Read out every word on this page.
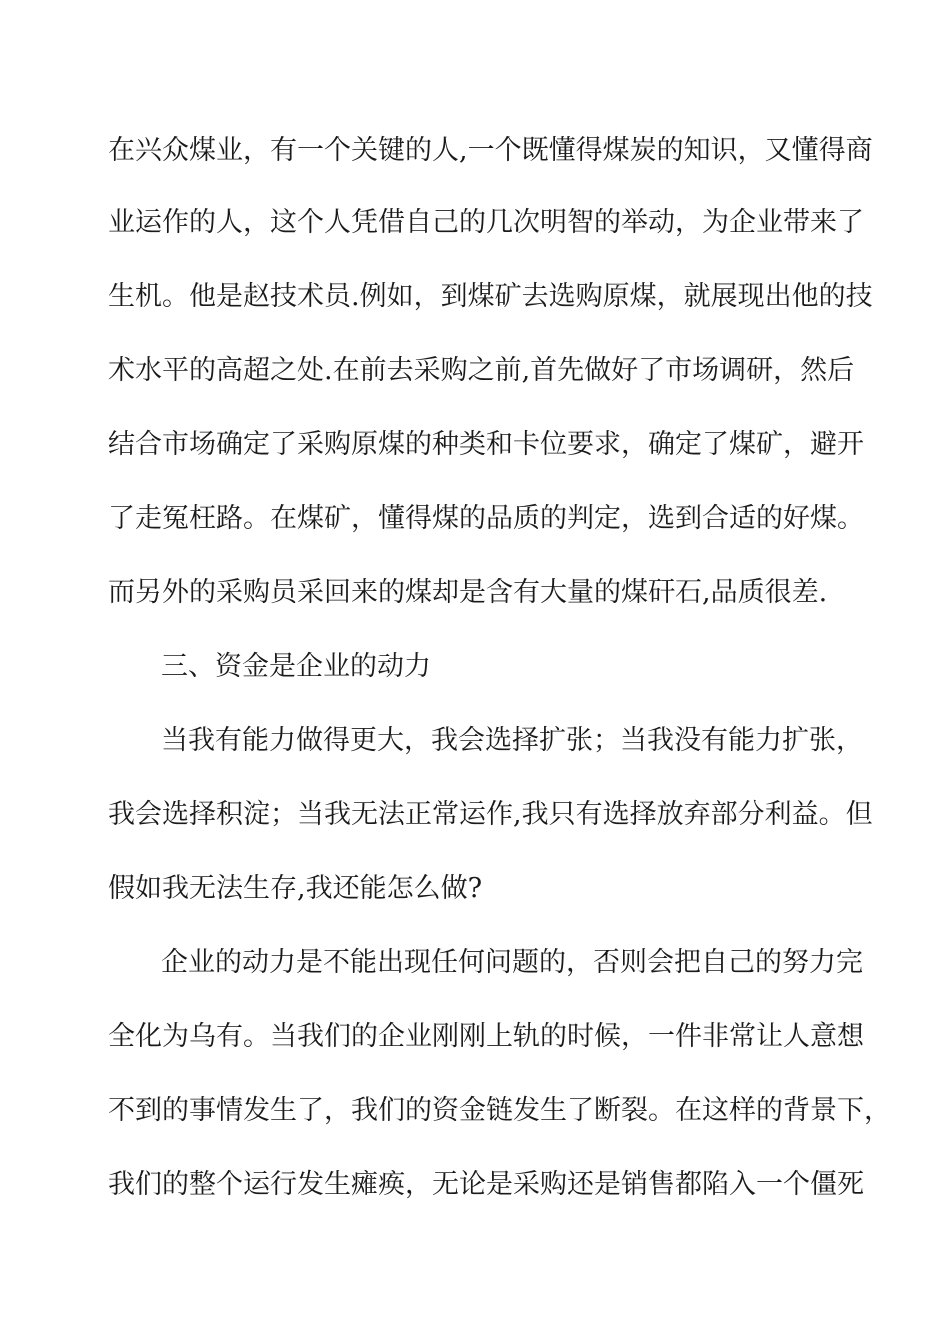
在兴众煤业，有一个关键的人,一个既懂得煤炭的知识，又懂得商
业运作的人，这个人凭借自己的几次明智的举动，为企业带来了
生机。他是赵技术员.例如，到煤矿去选购原煤，就展现出他的技
术水平的高超之处.在前去采购之前,首先做好了市场调研，然后
结合市场确定了采购原煤的种类和卡位要求，确定了煤矿，避开
了走冤枉路。在煤矿，懂得煤的品质的判定，选到合适的好煤。
而另外的采购员采回来的煤却是含有大量的煤矸石,品质很差.
三、资金是企业的动力
当我有能力做得更大，我会选择扩张；当我没有能力扩张，
我会选择积淀；当我无法正常运作,我只有选择放弃部分利益。但
假如我无法生存,我还能怎么做?
企业的动力是不能出现任何问题的，否则会把自己的努力完
全化为乌有。当我们的企业刚刚上轨的时候，一件非常让人意想
不到的事情发生了，我们的资金链发生了断裂。在这样的背景下，
我们的整个运行发生瘫痪，无论是采购还是销售都陷入一个僵死
